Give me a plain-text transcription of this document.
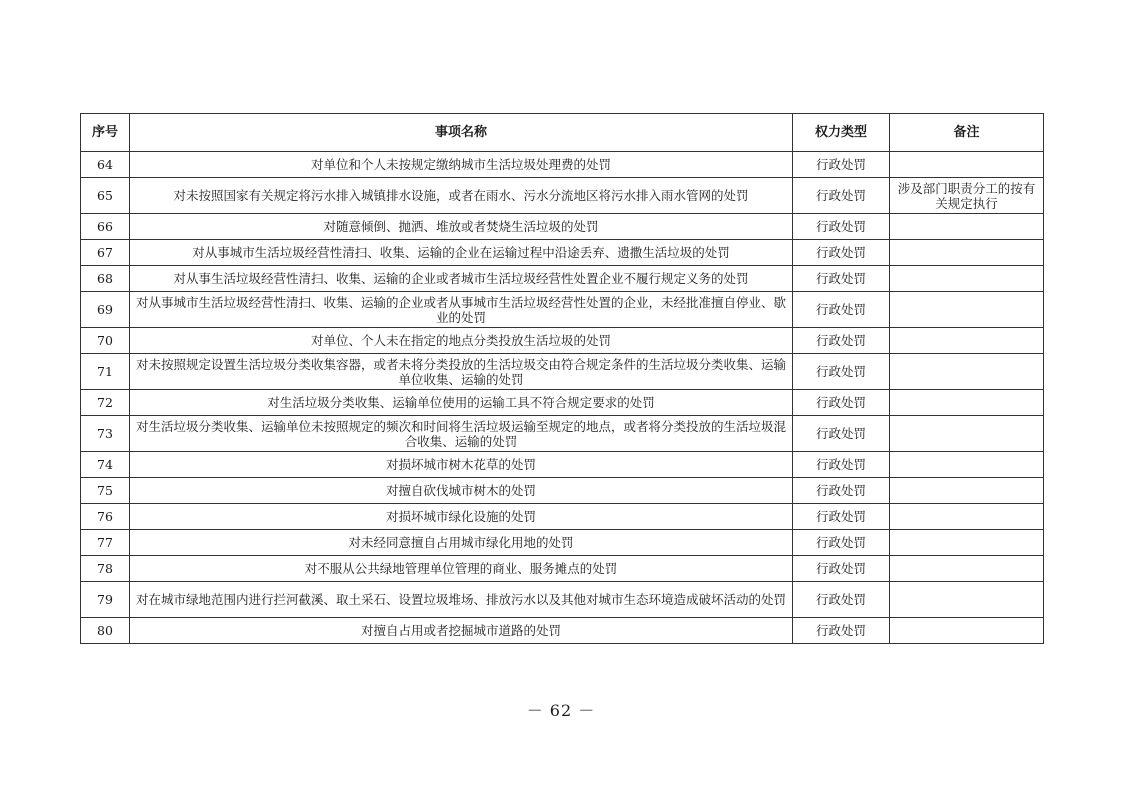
序号	事项名称	权力类型	备注
64	对单位和个人未按规定缴纳城市生活垃圾处理费的处罚	行政处罚	
65	对未按照国家有关规定将污水排入城镇排水设施，或者在雨水、污水分流地区将污水排入雨水管网的处罚	行政处罚	涉及部门职责分工的按有关规定执行
66	对随意倾倒、抛洒、堆放或者焚烧生活垃圾的处罚	行政处罚	
67	对从事城市生活垃圾经营性清扫、收集、运输的企业在运输过程中沿途丢弃、遗撒生活垃圾的处罚	行政处罚	
68	对从事生活垃圾经营性清扫、收集、运输的企业或者城市生活垃圾经营性处置企业不履行规定义务的处罚	行政处罚	
69	对从事城市生活垃圾经营性清扫、收集、运输的企业或者从事城市生活垃圾经营性处置的企业，未经批准擅自停业、歇业的处罚	行政处罚	
70	对单位、个人未在指定的地点分类投放生活垃圾的处罚	行政处罚	
71	对未按照规定设置生活垃圾分类收集容器，或者未将分类投放的生活垃圾交由符合规定条件的生活垃圾分类收集、运输单位收集、运输的处罚	行政处罚	
72	对生活垃圾分类收集、运输单位使用的运输工具不符合规定要求的处罚	行政处罚	
73	对生活垃圾分类收集、运输单位未按照规定的频次和时间将生活垃圾运输至规定的地点，或者将分类投放的生活垃圾混合收集、运输的处罚	行政处罚	
74	对损坏城市树木花草的处罚	行政处罚	
75	对擅自砍伐城市树木的处罚	行政处罚	
76	对损坏城市绿化设施的处罚	行政处罚	
77	对未经同意擅自占用城市绿化用地的处罚	行政处罚	
78	对不服从公共绿地管理单位管理的商业、服务摊点的处罚	行政处罚	
79	对在城市绿地范围内进行拦河截溪、取土采石、设置垃圾堆场、排放污水以及其他对城市生态环境造成破坏活动的处罚	行政处罚	
80	对擅自占用或者挖掘城市道路的处罚	行政处罚	
－ 62 －
